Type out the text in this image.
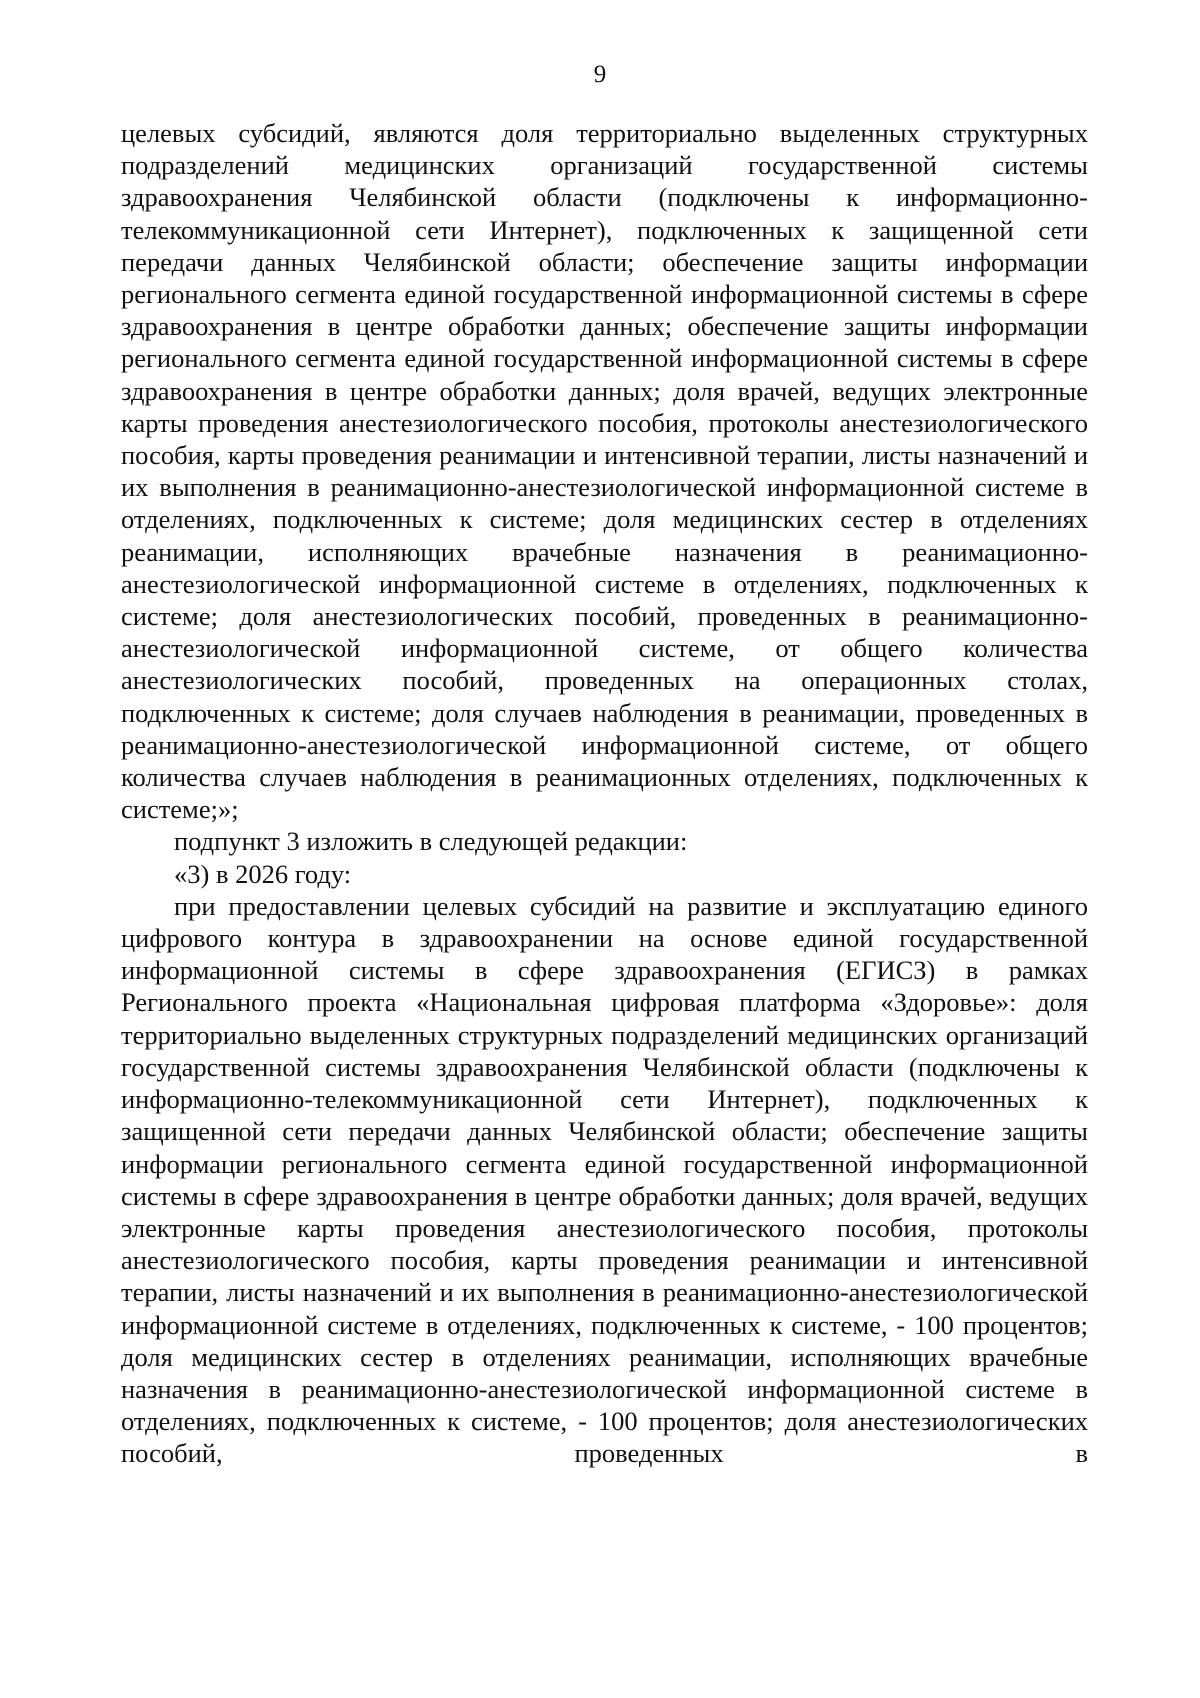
9

целевых субсидий, являются доля территориально выделенных структурных подразделений медицинских организаций государственной системы здравоохранения Челябинской области (подключены к информационно-телекоммуникационной сети Интернет), подключенных к защищенной сети передачи данных Челябинской области; обеспечение защиты информации регионального сегмента единой государственной информационной системы в сфере здравоохранения в центре обработки данных; обеспечение защиты информации регионального сегмента единой государственной информационной системы в сфере здравоохранения в центре обработки данных; доля врачей, ведущих электронные карты проведения анестезиологического пособия, протоколы анестезиологического пособия, карты проведения реанимации и интенсивной терапии, листы назначений и их выполнения в реанимационно-анестезиологической информационной системе в отделениях, подключенных к системе; доля медицинских сестер в отделениях реанимации, исполняющих врачебные назначения в реанимационно-анестезиологической информационной системе в отделениях, подключенных к системе; доля анестезиологических пособий, проведенных в реанимационно-анестезиологической информационной системе, от общего количества анестезиологических пособий, проведенных на операционных столах, подключенных к системе; доля случаев наблюдения в реанимации, проведенных в реанимационно-анестезиологической информационной системе, от общего количества случаев наблюдения в реанимационных отделениях, подключенных к системе;»;

подпункт 3 изложить в следующей редакции:

«3) в 2026 году:

при предоставлении целевых субсидий на развитие и эксплуатацию единого цифрового контура в здравоохранении на основе единой государственной информационной системы в сфере здравоохранения (ЕГИСЗ) в рамках Регионального проекта «Национальная цифровая платформа «Здоровье»: доля территориально выделенных структурных подразделений медицинских организаций государственной системы здравоохранения Челябинской области (подключены к информационно-телекоммуникационной сети Интернет), подключенных к защищенной сети передачи данных Челябинской области; обеспечение защиты информации регионального сегмента единой государственной информационной системы в сфере здравоохранения в центре обработки данных; доля врачей, ведущих электронные карты проведения анестезиологического пособия, протоколы анестезиологического пособия, карты проведения реанимации и интенсивной терапии, листы назначений и их выполнения в реанимационно-анестезиологической информационной системе в отделениях, подключенных к системе, - 100 процентов; доля медицинских сестер в отделениях реанимации, исполняющих врачебные назначения в реанимационно-анестезиологической информационной системе в отделениях, подключенных к системе, - 100 процентов; доля анестезиологических пособий, проведенных в
